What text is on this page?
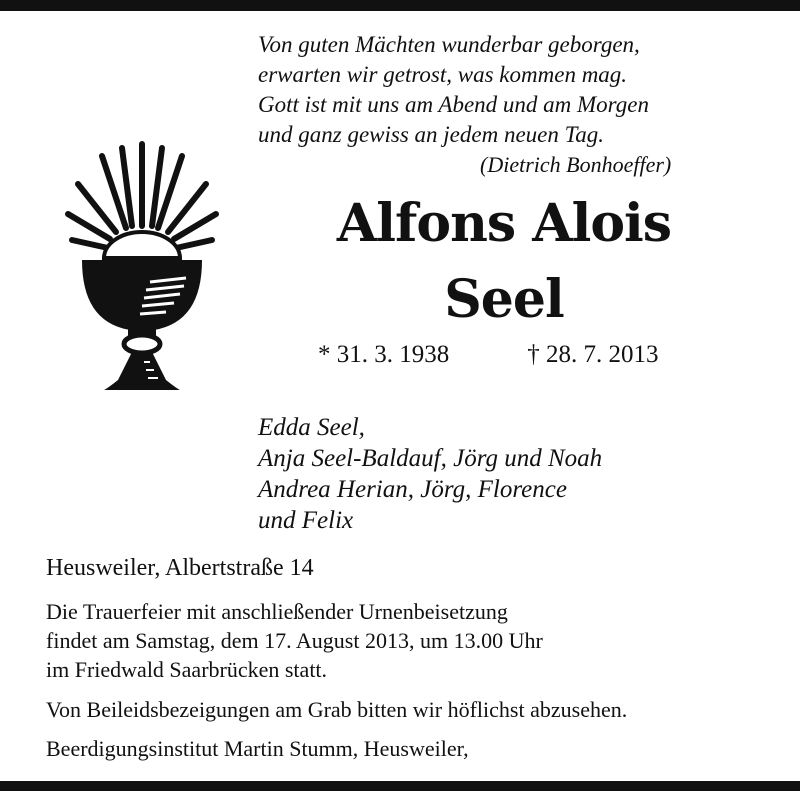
Von guten Mächten wunderbar geborgen,
erwarten wir getrost, was kommen mag.
Gott ist mit uns am Abend und am Morgen
und ganz gewiss an jedem neuen Tag.
(Dietrich Bonhoeffer)
Alfons Alois
Seel
* 31. 3. 1938	† 28. 7. 2013
Edda Seel,
Anja Seel-Baldauf, Jörg und Noah
Andrea Herian, Jörg, Florence
und Felix
Heusweiler, Albertstraße 14
Die Trauerfeier mit anschließender Urnenbeisetzung
findet am Samstag, dem 17. August 2013, um 13.00 Uhr
im Friedwald Saarbrücken statt.
Von Beileidsbezeigungen am Grab bitten wir höflichst abzusehen.
Beerdigungsinstitut Martin Stumm, Heusweiler,
